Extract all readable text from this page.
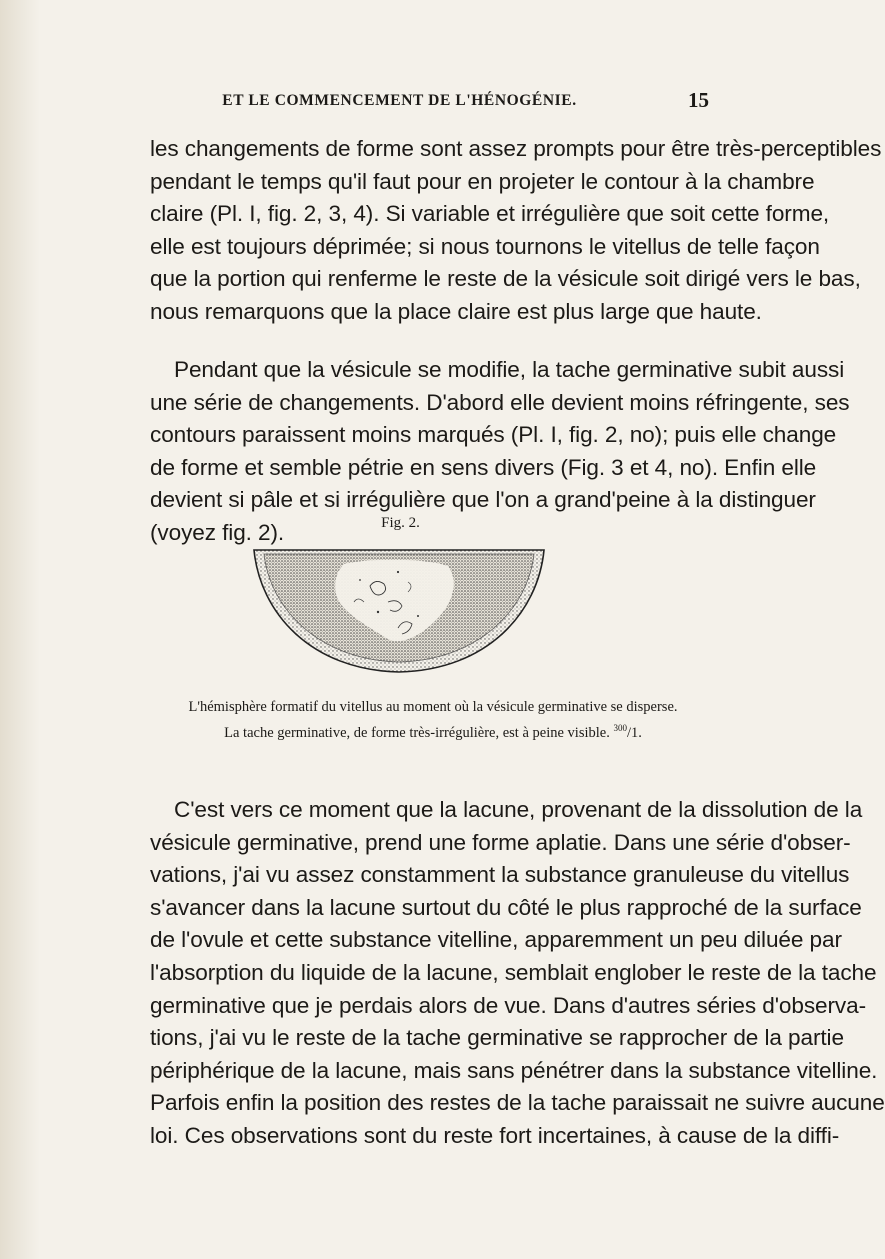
ET LE COMMENCEMENT DE L'HÉNOGÉNIE.	15
les changements de forme sont assez prompts pour être très-perceptibles
pendant le temps qu'il faut pour en projeter le contour à la chambre
claire (Pl. I, fig. 2, 3, 4). Si variable et irrégulière que soit cette forme,
elle est toujours déprimée; si nous tournons le vitellus de telle façon
que la portion qui renferme le reste de la vésicule soit dirigé vers le bas,
nous remarquons que la place claire est plus large que haute.
Pendant que la vésicule se modifie, la tache germinative subit aussi
une série de changements. D'abord elle devient moins réfringente, ses
contours paraissent moins marqués (Pl. I, fig. 2, no); puis elle change
de forme et semble pétrie en sens divers (Fig. 3 et 4, no). Enfin elle
devient si pâle et si irrégulière que l'on a grand'peine à la distinguer
(voyez fig. 2).	Fig. 2.
L'hémisphère formatif du vitellus au moment où la vésicule germinative se disperse.
La tache germinative, de forme très-irrégulière, est à peine visible. $^{300}$/1.
C'est vers ce moment que la lacune, provenant de la dissolution de la
vésicule germinative, prend une forme aplatie. Dans une série d'obser-
vations, j'ai vu assez constamment la substance granuleuse du vitellus
s'avancer dans la lacune surtout du côté le plus rapproché de la surface
de l'ovule et cette substance vitelline, apparemment un peu diluée par
l'absorption du liquide de la lacune, semblait englober le reste de la tache
germinative que je perdais alors de vue. Dans d'autres séries d'observa-
tions, j'ai vu le reste de la tache germinative se rapprocher de la partie
périphérique de la lacune, mais sans pénétrer dans la substance vitelline.
Parfois enfin la position des restes de la tache paraissait ne suivre aucune
loi. Ces observations sont du reste fort incertaines, à cause de la diffi-
